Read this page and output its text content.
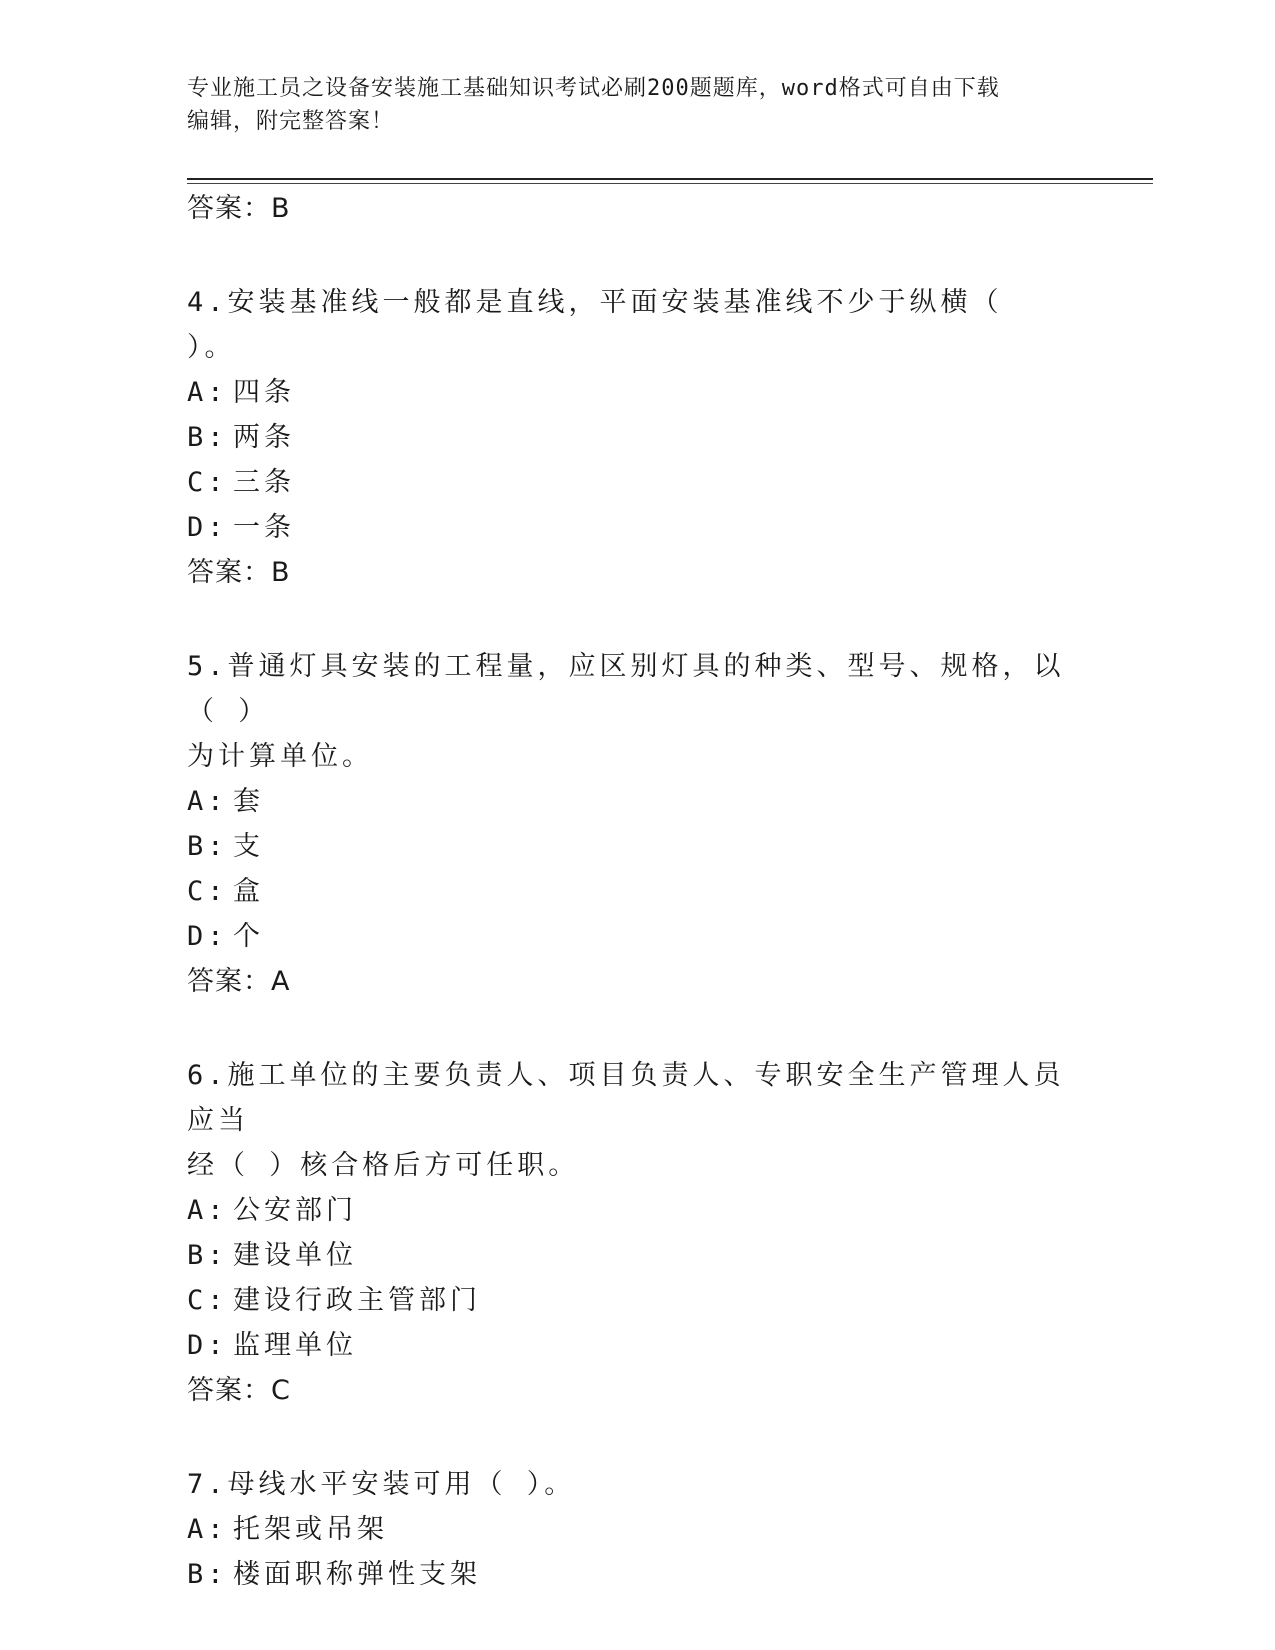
专业施工员之设备安装施工基础知识考试必刷200题题库，word格式可自由下载
编辑，附完整答案！
答案：B
4.安装基准线一般都是直线，平面安装基准线不少于纵横（ ）。
A: 四条
B: 两条
C: 三条
D: 一条
答案：B
5.普通灯具安装的工程量，应区别灯具的种类、型号、规格，以（ ）
为计算单位。
A: 套
B: 支
C: 盒
D: 个
答案：A
6.施工单位的主要负责人、项目负责人、专职安全生产管理人员应当
经（ ）核合格后方可任职。
A: 公安部门
B: 建设单位
C: 建设行政主管部门
D: 监理单位
答案：C
7.母线水平安装可用（ ）。
A: 托架或吊架
B: 楼面职称弹性支架
